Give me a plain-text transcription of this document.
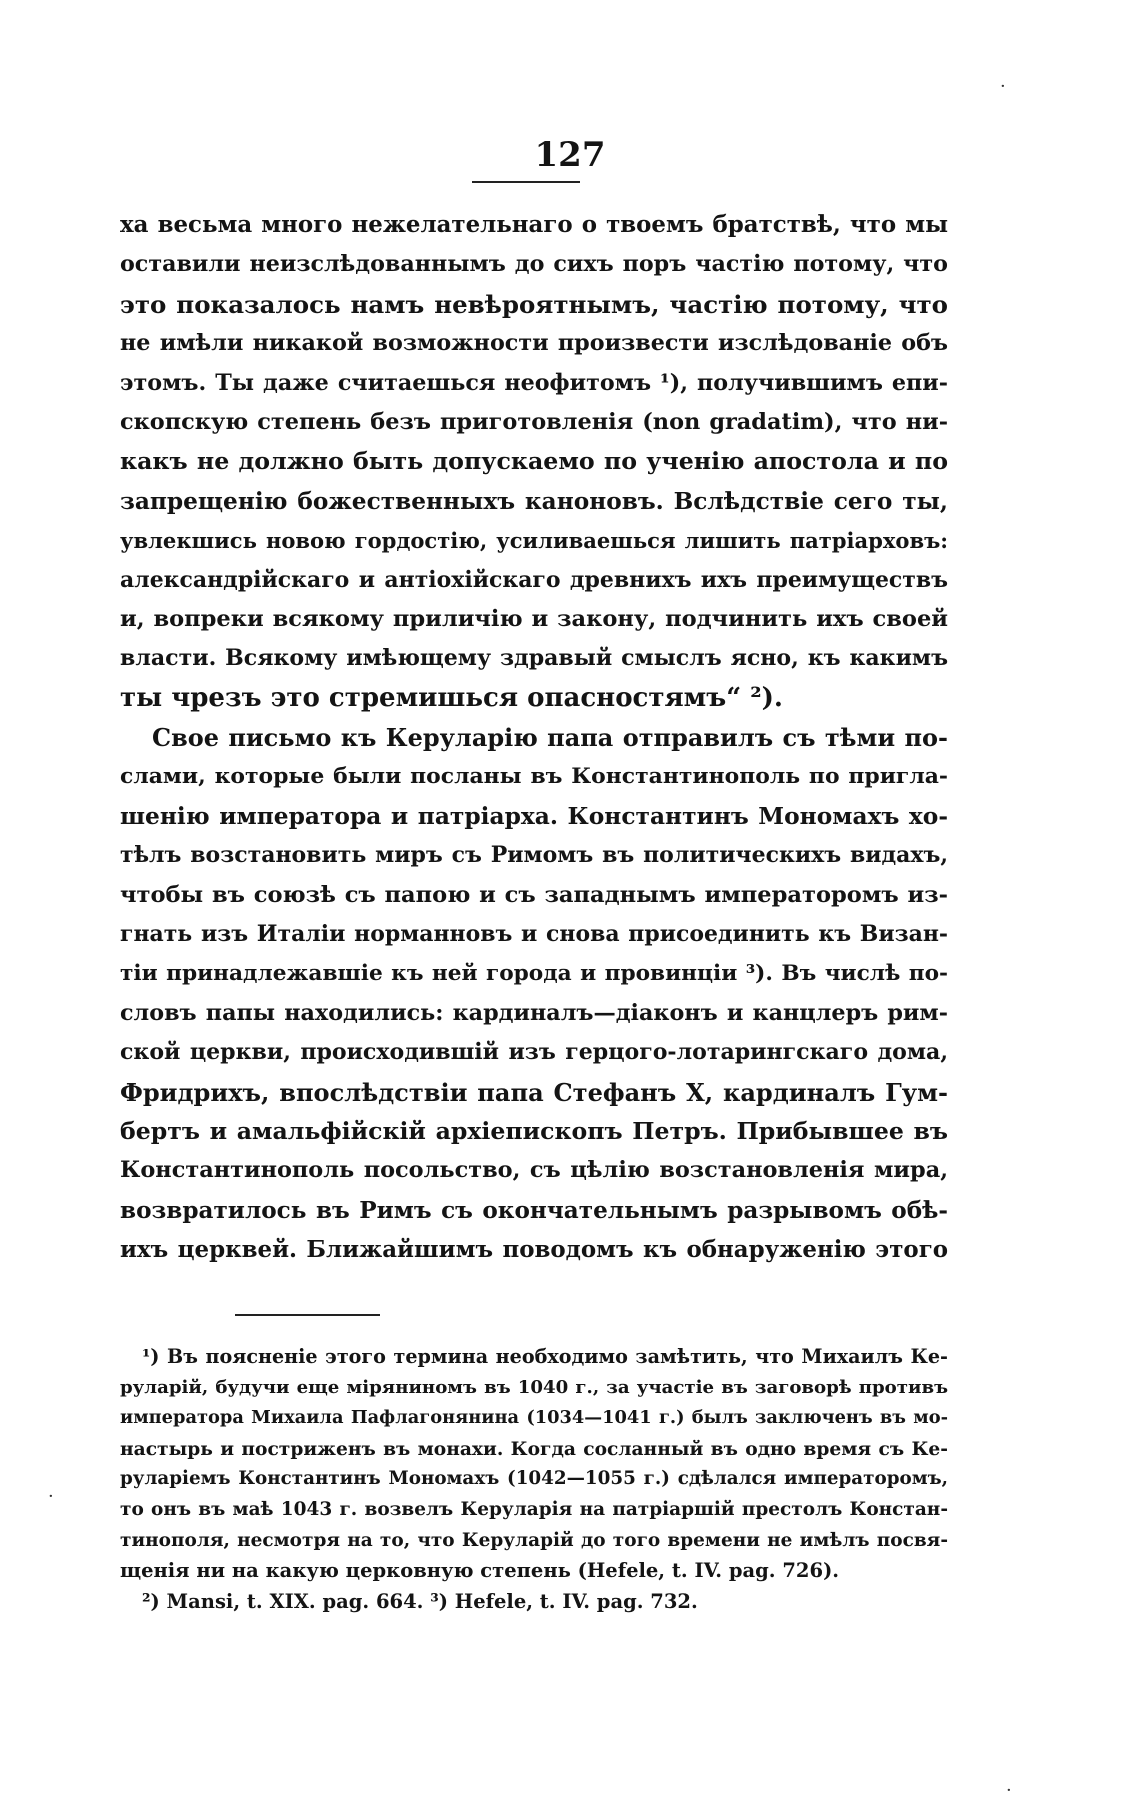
127
ха весьма много нежелательнаго о твоемъ братствѣ, что мы
оставили неизслѣдованнымъ до сихъ поръ частію потому, что
это показалось намъ невѣроятнымъ, частію потому, что
не имѣли никакой возможности произвести изслѣдованіе объ
этомъ. Ты даже считаешься неофитомъ ¹), получившимъ епи-
скопскую степень безъ приготовленія (non gradatim), что ни-
какъ не должно быть допускаемо по ученію апостола и по
запрещенію божественныхъ каноновъ. Вслѣдствіе сего ты,
увлекшись новою гордостію, усиливаешься лишить патріарховъ:
александрійскаго и антіохійскаго древнихъ ихъ преимуществъ
и, вопреки всякому приличію и закону, подчинить ихъ своей
власти. Всякому имѣющему здравый смыслъ ясно, къ какимъ
ты чрезъ это стремишься опасностямъ“ ²).
Свое письмо къ Керуларію папа отправилъ съ тѣми по-
слами, которые были посланы въ Константинополь по пригла-
шенію императора и патріарха. Константинъ Мономахъ хо-
тѣлъ возстановить миръ съ Римомъ въ политическихъ видахъ,
чтобы въ союзѣ съ папою и съ западнымъ императоромъ из-
гнать изъ Италіи норманновъ и снова присоединить къ Визан-
тіи принадлежавшіе къ ней города и провинціи ³). Въ числѣ по-
словъ папы находились: кардиналъ—діаконъ и канцлеръ рим-
ской церкви, происходившій изъ герцого-лотарингскаго дома,
Фридрихъ, впослѣдствіи папа Стефанъ X, кардиналъ Гум-
бертъ и амальфійскій архіепископъ Петръ. Прибывшее въ
Константинополь посольство, съ цѣлію возстановленія мира,
возвратилось въ Римъ съ окончательнымъ разрывомъ обѣ-
ихъ церквей. Ближайшимъ поводомъ къ обнаруженію этого
¹) Въ поясненіе этого термина необходимо замѣтить, что Михаилъ Ке-
руларій, будучи еще міряниномъ въ 1040 г., за участіе въ заговорѣ противъ
императора Михаила Пафлагонянина (1034—1041 г.) былъ заключенъ въ мо-
настырь и постриженъ въ монахи. Когда сосланный въ одно время съ Ке-
руларіемъ Константинъ Мономахъ (1042—1055 г.) сдѣлался императоромъ,
то онъ въ маѣ 1043 г. возвелъ Керуларія на патріаршій престолъ Констан-
тинополя, несмотря на то, что Керуларій до того времени не имѣлъ посвя-
щенія ни на какую церковную степень (Hefele, t. IV. pag. 726).
²) Mansi, t. XIX. pag. 664. ³) Hefele, t. IV. pag. 732.
·
·
·
